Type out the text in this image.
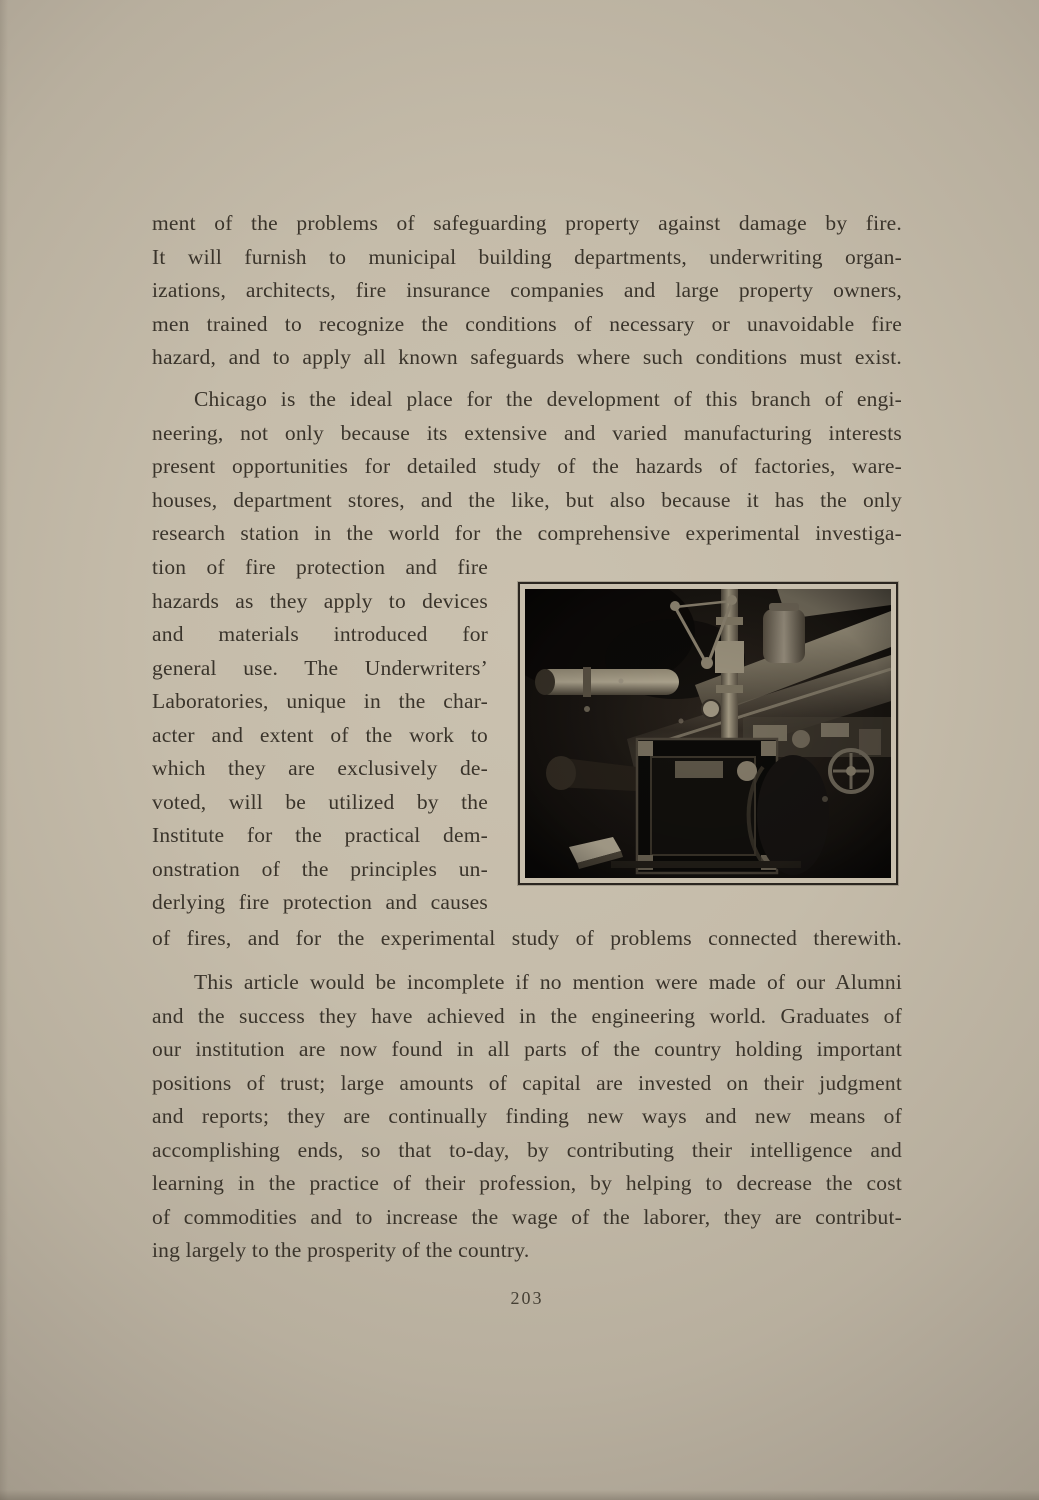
ment of the problems of safeguarding property against damage by fire.
It will furnish to municipal building departments, underwriting organ-
izations, architects, fire insurance companies and large property owners,
men trained to recognize the conditions of necessary or unavoidable fire
hazard, and to apply all known safeguards where such conditions must exist.
Chicago is the ideal place for the development of this branch of engi-
neering, not only because its extensive and varied manufacturing interests
present opportunities for detailed study of the hazards of factories, ware-
houses, department stores, and the like, but also because it has the only
research station in the world for the comprehensive experimental investiga-
tion of fire protection and fire
hazards as they apply to devices
and materials introduced for
general use. The Underwriters’
Laboratories, unique in the char-
acter and extent of the work to
which they are exclusively de-
voted, will be utilized by the
Institute for the practical dem-
onstration of the principles un-
derlying fire protection and causes
of fires, and for the experimental study of problems connected therewith.
This article would be incomplete if no mention were made of our Alumni
and the success they have achieved in the engineering world. Graduates of
our institution are now found in all parts of the country holding important
positions of trust; large amounts of capital are invested on their judgment
and reports; they are continually finding new ways and new means of
accomplishing ends, so that to-day, by contributing their intelligence and
learning in the practice of their profession, by helping to decrease the cost
of commodities and to increase the wage of the laborer, they are contribut-
ing largely to the prosperity of the country.
203
